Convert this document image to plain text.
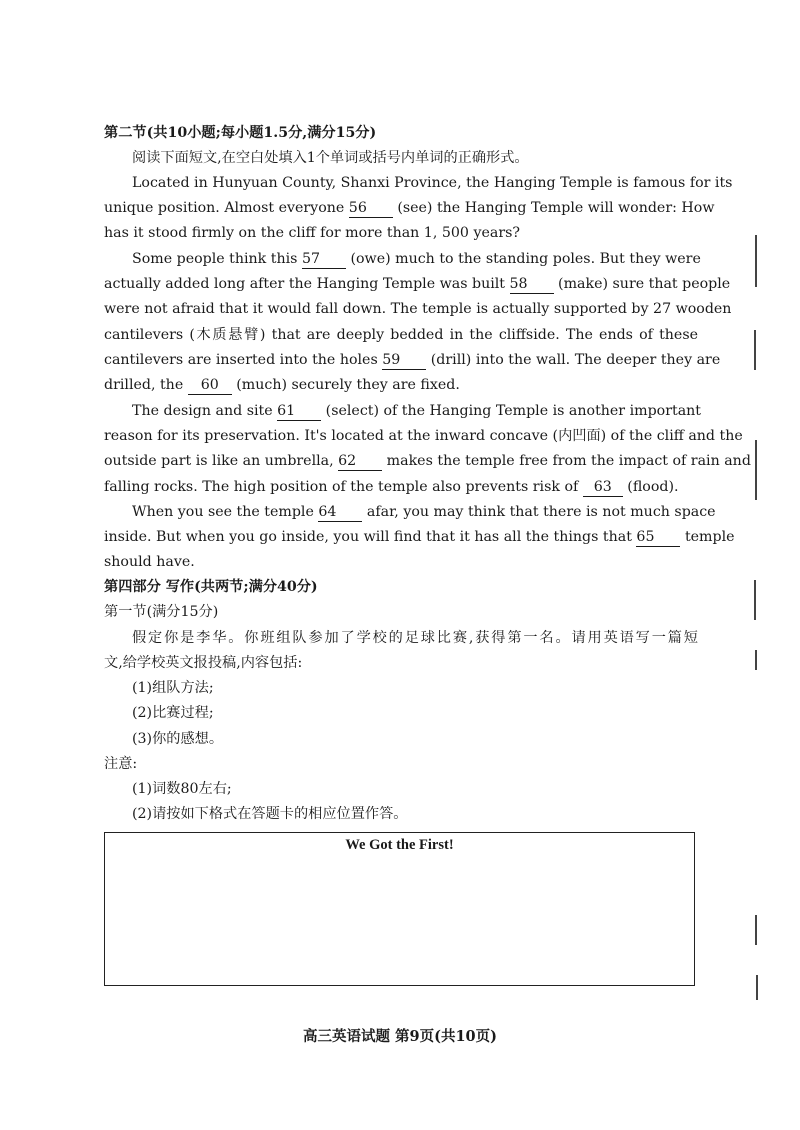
第二节(共10小题;每小题1.5分,满分15分)
阅读下面短文,在空白处填入1个单词或括号内单词的正确形式。
Located in Hunyuan County, Shanxi Province, the Hanging Temple is famous for its
unique position. Almost everyone 56 (see) the Hanging Temple will wonder: How
has it stood firmly on the cliff for more than 1, 500 years?
Some people think this 57 (owe) much to the standing poles. But they were
actually added long after the Hanging Temple was built 58 (make) sure that people
were not afraid that it would fall down. The temple is actually supported by 27 wooden
cantilevers (木质悬臂) that are deeply bedded in the cliffside. The ends of these
cantilevers are inserted into the holes 59 (drill) into the wall. The deeper they are
drilled, the 60 (much) securely they are fixed.
The design and site 61 (select) of the Hanging Temple is another important
reason for its preservation. It's located at the inward concave (内凹面) of the cliff and the
outside part is like an umbrella, 62 makes the temple free from the impact of rain and
falling rocks. The high position of the temple also prevents risk of 63 (flood).
When you see the temple 64 afar, you may think that there is not much space
inside. But when you go inside, you will find that it has all the things that 65 temple
should have.
第四部分 写作(共两节;满分40分)
第一节(满分15分)
假定你是李华。你班组队参加了学校的足球比赛,获得第一名。请用英语写一篇短
文,给学校英文报投稿,内容包括:
(1)组队方法;
(2)比赛过程;
(3)你的感想。
注意:
(1)词数80左右;
(2)请按如下格式在答题卡的相应位置作答。
We Got the First!
高三英语试题 第9页(共10页)
